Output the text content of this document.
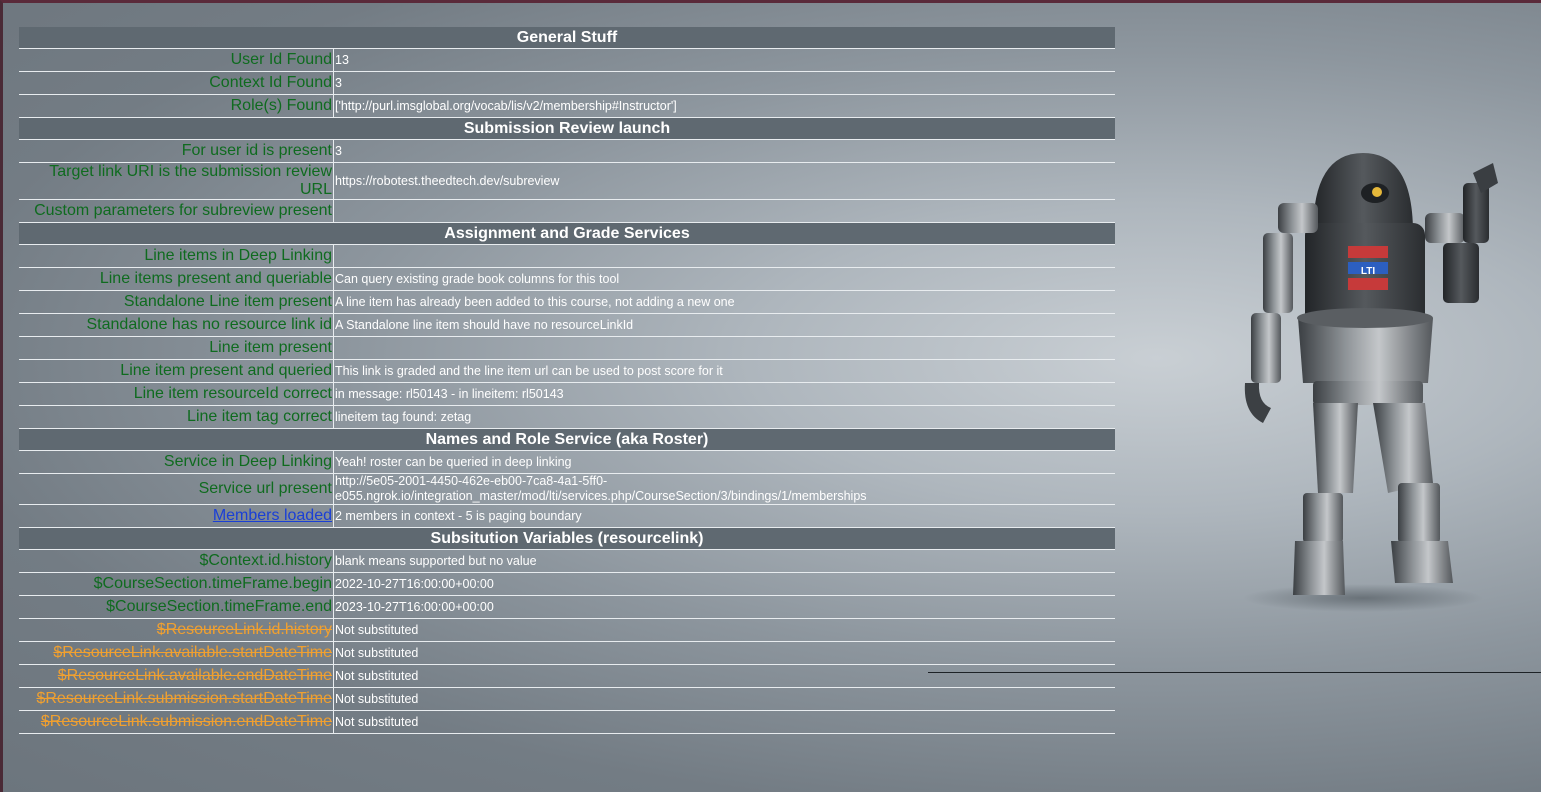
General Stuff	
User Id Found	13
Context Id Found	3
Role(s) Found	['http://purl.imsglobal.org/vocab/lis/v2/membership#Instructor']
Submission Review launch	
For user id is present	3
Target link URI is the submission review URL	https://robotest.theedtech.dev/subreview
Custom parameters for subreview present	
Assignment and Grade Services	
Line items in Deep Linking	
Line items present and queriable	Can query existing grade book columns for this tool
Standalone Line item present	A line item has already been added to this course, not adding a new one
Standalone has no resource link id	A Standalone line item should have no resourceLinkId
Line item present	
Line item present and queried	This link is graded and the line item url can be used to post score for it
Line item resourceId correct	in message: rl50143 - in lineitem: rl50143
Line item tag correct	lineitem tag found: zetag
Names and Role Service (aka Roster)	
Service in Deep Linking	Yeah! roster can be queried in deep linking
Service url present	http://5e05-2001-4450-462e-eb00-7ca8-4a1-5ff0-e055.ngrok.io/integration_master/mod/lti/services.php/CourseSection/3/bindings/1/memberships
Members loaded	2 members in context - 5 is paging boundary
Subsitution Variables (resourcelink)	
$Context.id.history	blank means supported but no value
$CourseSection.timeFrame.begin	2022-10-27T16:00:00+00:00
$CourseSection.timeFrame.end	2023-10-27T16:00:00+00:00
$ResourceLink.id.history	Not substituted
$ResourceLink.available.startDateTime	Not substituted
$ResourceLink.available.endDateTime	Not substituted
$ResourceLink.submission.startDateTime	Not substituted
$ResourceLink.submission.endDateTime	Not substituted
LTI
